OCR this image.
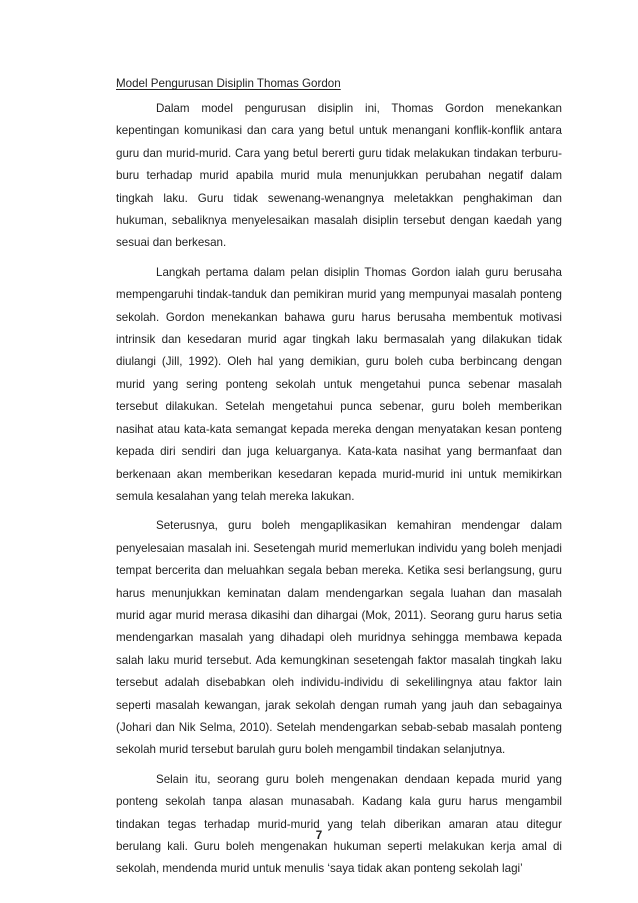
Model Pengurusan Disiplin Thomas Gordon

Dalam model pengurusan disiplin ini, Thomas Gordon menekankan kepentingan komunikasi dan cara yang betul untuk menangani konflik-konflik antara guru dan murid-murid. Cara yang betul bererti guru tidak melakukan tindakan terburu-buru terhadap murid apabila murid mula menunjukkan perubahan negatif dalam tingkah laku. Guru tidak sewenang-wenangnya meletakkan penghakiman dan hukuman, sebaliknya menyelesaikan masalah disiplin tersebut dengan kaedah yang sesuai dan berkesan.

Langkah pertama dalam pelan disiplin Thomas Gordon ialah guru berusaha mempengaruhi tindak-tanduk dan pemikiran murid yang mempunyai masalah ponteng sekolah. Gordon menekankan bahawa guru harus berusaha membentuk motivasi intrinsik dan kesedaran murid agar tingkah laku bermasalah yang dilakukan tidak diulangi (Jill, 1992). Oleh hal yang demikian, guru boleh cuba berbincang dengan murid yang sering ponteng sekolah untuk mengetahui punca sebenar masalah tersebut dilakukan. Setelah mengetahui punca sebenar, guru boleh memberikan nasihat atau kata-kata semangat kepada mereka dengan menyatakan kesan ponteng kepada diri sendiri dan juga keluarganya. Kata-kata nasihat yang bermanfaat dan berkenaan akan memberikan kesedaran kepada murid-murid ini untuk memikirkan semula kesalahan yang telah mereka lakukan.

Seterusnya, guru boleh mengaplikasikan kemahiran mendengar dalam penyelesaian masalah ini. Sesetengah murid memerlukan individu yang boleh menjadi tempat bercerita dan meluahkan segala beban mereka. Ketika sesi berlangsung, guru harus menunjukkan keminatan dalam mendengarkan segala luahan dan masalah murid agar murid merasa dikasihi dan dihargai (Mok, 2011). Seorang guru harus setia mendengarkan masalah yang dihadapi oleh muridnya sehingga membawa kepada salah laku murid tersebut. Ada kemungkinan sesetengah faktor masalah tingkah laku tersebut adalah disebabkan oleh individu-individu di sekelilingnya atau faktor lain seperti masalah kewangan, jarak sekolah dengan rumah yang jauh dan sebagainya (Johari dan Nik Selma, 2010). Setelah mendengarkan sebab-sebab masalah ponteng sekolah murid tersebut barulah guru boleh mengambil tindakan selanjutnya.

Selain itu, seorang guru boleh mengenakan dendaan kepada murid yang ponteng sekolah tanpa alasan munasabah. Kadang kala guru harus mengambil tindakan tegas terhadap murid-murid yang telah diberikan amaran atau ditegur berulang kali. Guru boleh mengenakan hukuman seperti melakukan kerja amal di sekolah, mendenda murid untuk menulis ‘saya tidak akan ponteng sekolah lagi’

7
